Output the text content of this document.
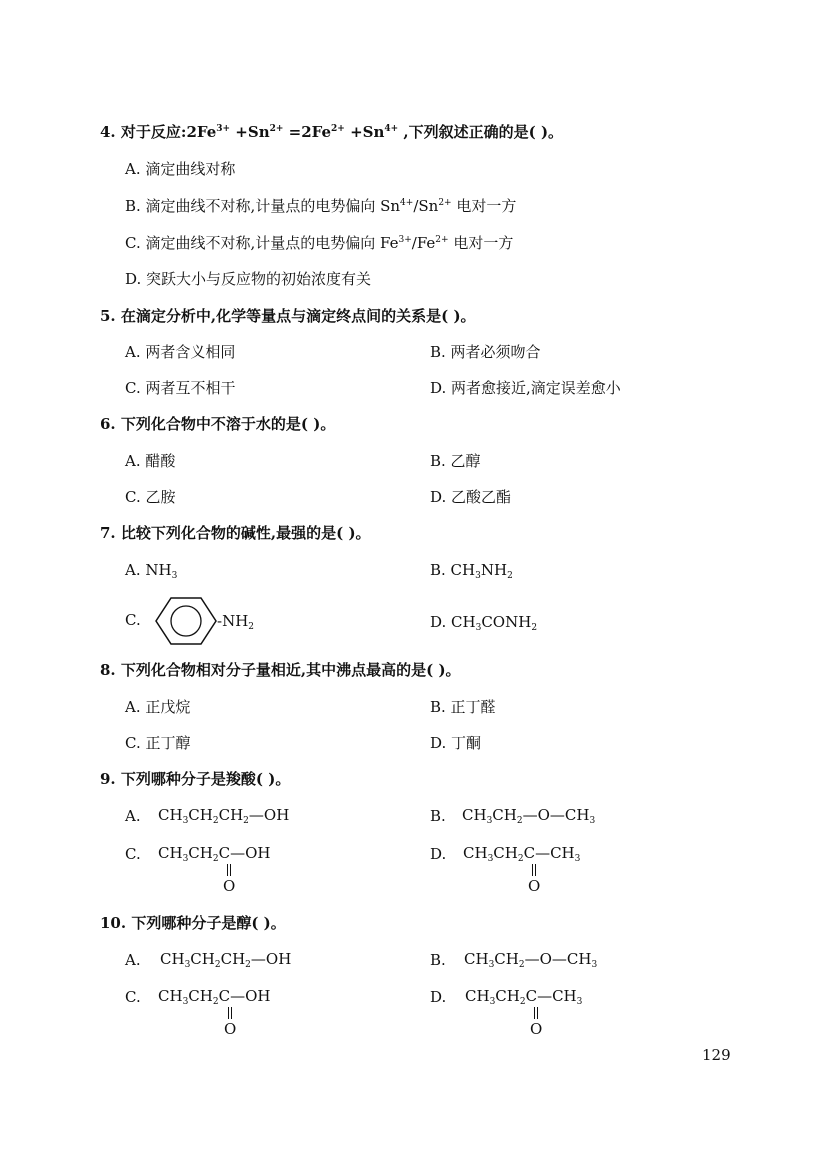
4. 对于反应$:2Fe^{3+} +Sn^{2+} =2Fe^{2+} +Sn^{4+}$ ,下列叙述正确的是( )。
A. 滴定曲线对称
B. 滴定曲线不对称,计量点的电势偏向 $Sn^{4+}/Sn^{2+}$ 电对一方
C. 滴定曲线不对称,计量点的电势偏向 $Fe^{3+}/Fe^{2+}$ 电对一方
D. 突跃大小与反应物的初始浓度有关
5. 在滴定分析中,化学等量点与滴定终点间的关系是( )。
A. 两者含义相同	B. 两者必须吻合
C. 两者互不相干	D. 两者愈接近,滴定误差愈小
6. 下列化合物中不溶于水的是( )。
A. 醋酸	B. 乙醇
C. 乙胺	D. 乙酸乙酯
7. 比较下列化合物的碱性,最强的是( )。
A. $NH_3$	B. $CH_3NH_2$
C.	$-NH_2$	D. $CH_3CONH_2$
8. 下列化合物相对分子量相近,其中沸点最高的是( )。
A. 正戊烷	B. 正丁醛
C. 正丁醇	D. 丁酮
9. 下列哪种分子是羧酸( )。
A. $CH_3CH_2CH_2—OH$	B. $CH_3CH_2—O—CH_3$
C. $CH_3CH_2C—OH$
O
D. $CH_3CH_2C—CH_3$
O
10. 下列哪种分子是醇( )。
A. $CH_3CH_2CH_2—OH$	B. $CH_3CH_2—O—CH_3$
C. $CH_3CH_2C—OH$
O
D. $CH_3CH_2C—CH_3$
O
129
